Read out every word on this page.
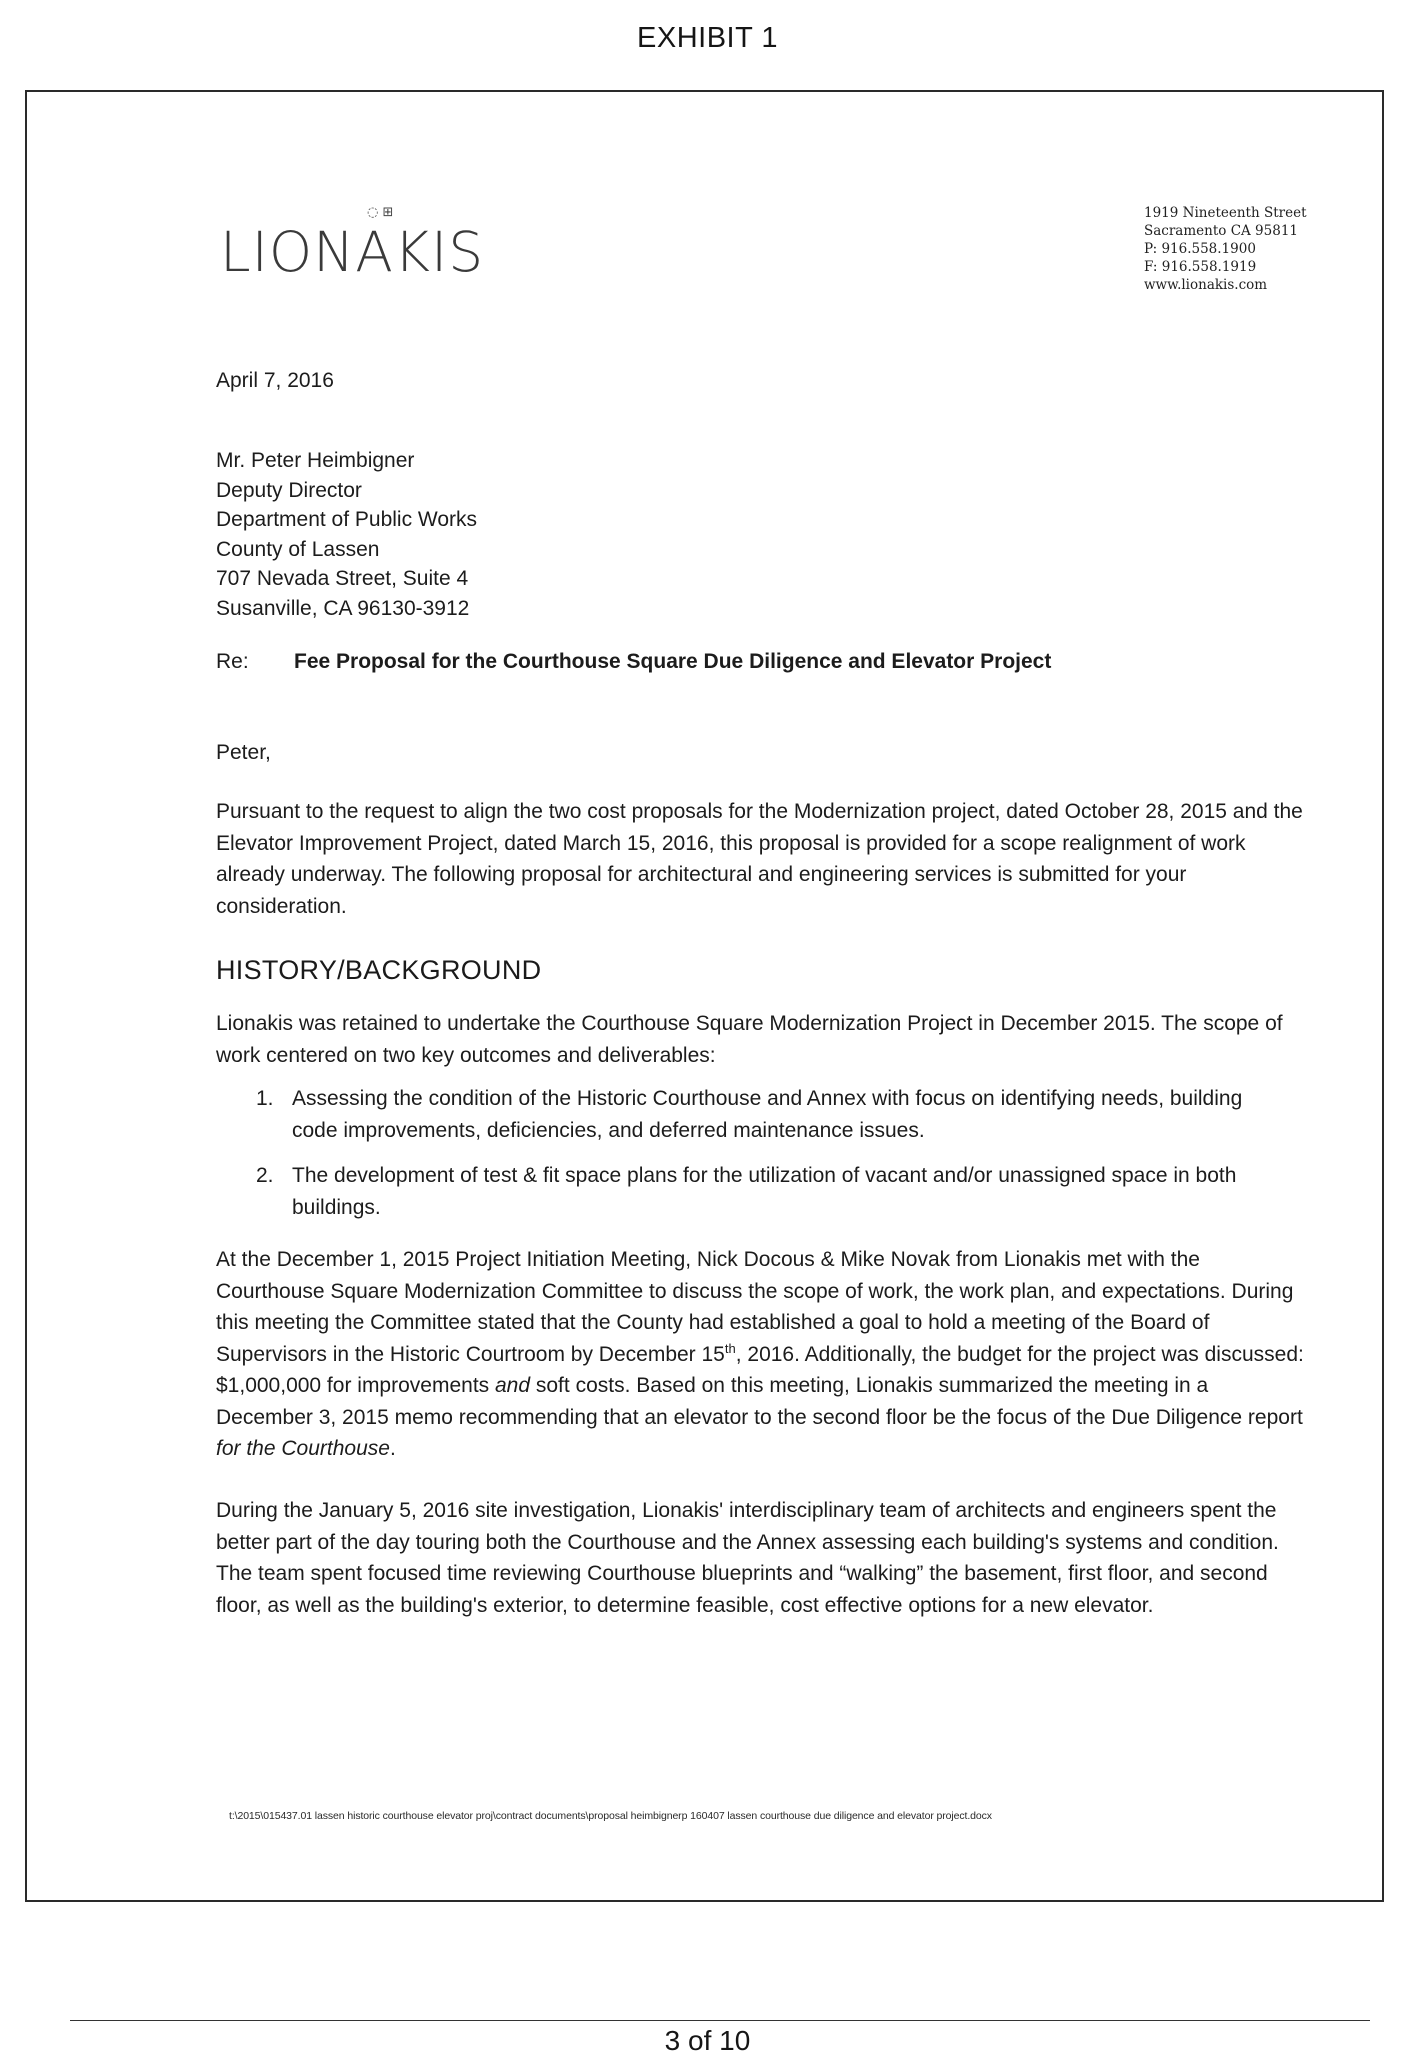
EXHIBIT 1
◌ ⊞
LIONAKIS
1919 Nineteenth Street
Sacramento CA 95811
P: 916.558.1900
F: 916.558.1919
www.lionakis.com
April 7, 2016
Mr. Peter Heimbigner
Deputy Director
Department of Public Works
County of Lassen
707 Nevada Street, Suite 4
Susanville, CA 96130-3912
Re: Fee Proposal for the Courthouse Square Due Diligence and Elevator Project
Peter,
Pursuant to the request to align the two cost proposals for the Modernization project, dated October 28, 2015 and the Elevator Improvement Project, dated March 15, 2016, this proposal is provided for a scope realignment of work already underway. The following proposal for architectural and engineering services is submitted for your consideration.
HISTORY/BACKGROUND
Lionakis was retained to undertake the Courthouse Square Modernization Project in December 2015. The scope of work centered on two key outcomes and deliverables:
1. Assessing the condition of the Historic Courthouse and Annex with focus on identifying needs, building code improvements, deficiencies, and deferred maintenance issues.
2. The development of test & fit space plans for the utilization of vacant and/or unassigned space in both buildings.
At the December 1, 2015 Project Initiation Meeting, Nick Docous & Mike Novak from Lionakis met with the Courthouse Square Modernization Committee to discuss the scope of work, the work plan, and expectations. During this meeting the Committee stated that the County had established a goal to hold a meeting of the Board of Supervisors in the Historic Courtroom by December 15th, 2016. Additionally, the budget for the project was discussed: $1,000,000 for improvements and soft costs. Based on this meeting, Lionakis summarized the meeting in a December 3, 2015 memo recommending that an elevator to the second floor be the focus of the Due Diligence report for the Courthouse.
During the January 5, 2016 site investigation, Lionakis' interdisciplinary team of architects and engineers spent the better part of the day touring both the Courthouse and the Annex assessing each building's systems and condition. The team spent focused time reviewing Courthouse blueprints and “walking” the basement, first floor, and second floor, as well as the building's exterior, to determine feasible, cost effective options for a new elevator.
t:\2015\015437.01 lassen historic courthouse elevator proj\contract documents\proposal heimbignerp 160407 lassen courthouse due diligence and elevator project.docx
3 of 10
